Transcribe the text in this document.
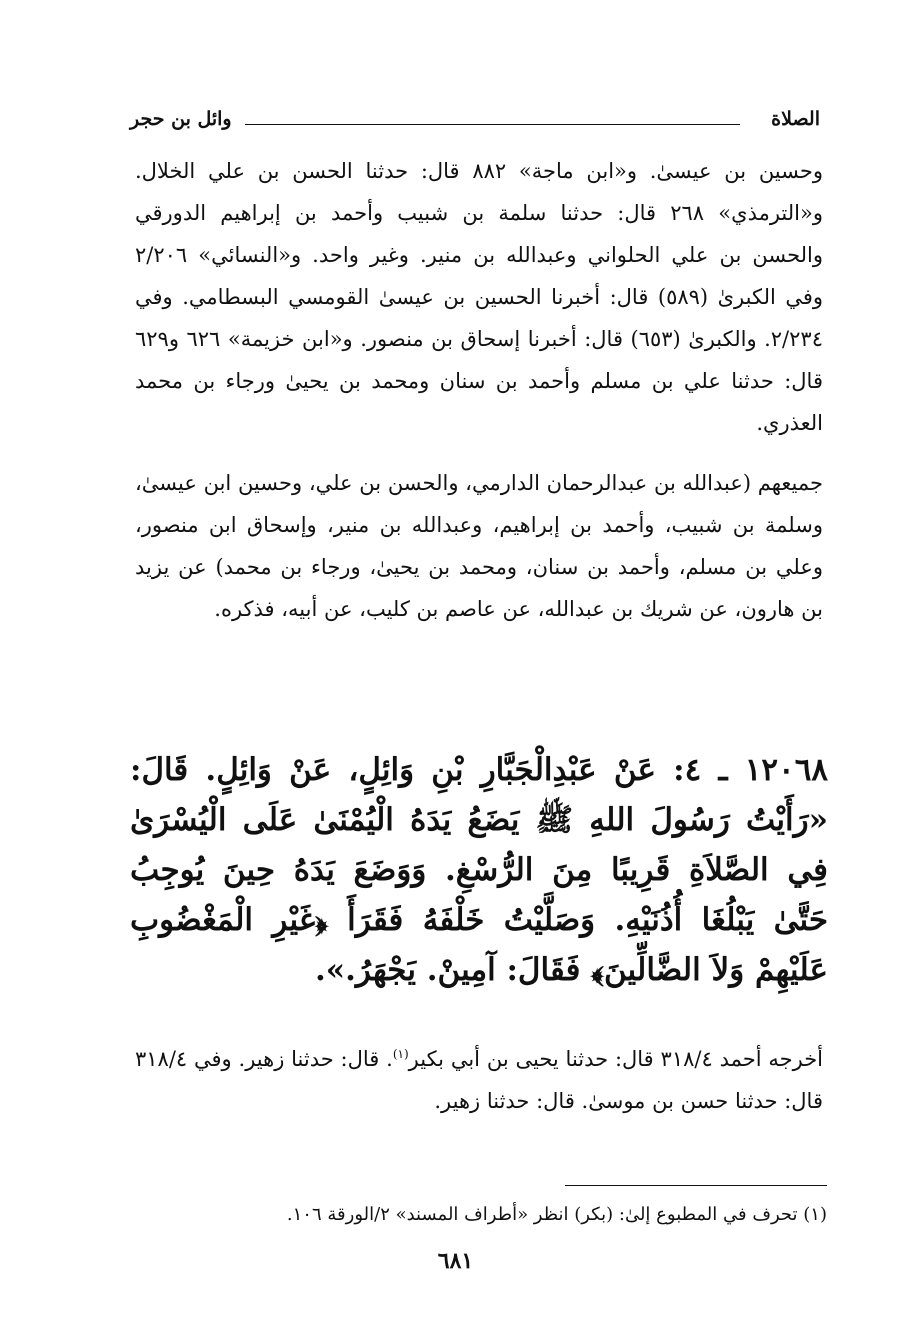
الصلاة
وائل بن حجر
وحسين بن عيسىٰ. و«ابن ماجة» ٨٨٢ قال: حدثنا الحسن بن علي الخلال. و«الترمذي» ٢٦٨ قال: حدثنا سلمة بن شبيب وأحمد بن إبراهيم الدورقي والحسن بن علي الحلواني وعبدالله بن منير. وغير واحد. و«النسائي» ٢/٢٠٦ وفي الكبرىٰ (٥٨٩) قال: أخبرنا الحسين بن عيسىٰ القومسي البسطامي. وفي ٢/٢٣٤. والكبرىٰ (٦٥٣) قال: أخبرنا إسحاق بن منصور. و«ابن خزيمة» ٦٢٦ و٦٢٩ قال: حدثنا علي بن مسلم وأحمد بن سنان ومحمد بن يحيىٰ ورجاء بن محمد العذري.
جميعهم (عبدالله بن عبدالرحمان الدارمي، والحسن بن علي، وحسين ابن عيسىٰ، وسلمة بن شبيب، وأحمد بن إبراهيم، وعبدالله بن منير، وإسحاق ابن منصور، وعلي بن مسلم، وأحمد بن سنان، ومحمد بن يحيىٰ، ورجاء بن محمد) عن يزيد بن هارون، عن شريك بن عبدالله، عن عاصم بن كليب، عن أبيه، فذكره.
١٢٠٦٨ ـ ٤: عَنْ عَبْدِالْجَبَّارِ بْنِ وَائِلٍ، عَنْ وَائِلٍ. قَالَ: «رَأَيْتُ رَسُولَ اللهِ ﷺ يَضَعُ يَدَهُ الْيُمْنَىٰ عَلَى الْيُسْرَىٰ فِي الصَّلاَةِ قَرِيبًا مِنَ الرُّسْغِ. وَوَضَعَ يَدَهُ حِينَ يُوجِبُ حَتَّىٰ يَبْلُغَا أُذُنَيْهِ. وَصَلَّيْتُ خَلْفَهُ فَقَرَأَ ﴿غَيْرِ الْمَغْضُوبِ عَلَيْهِمْ وَلاَ الضَّالِّينَ﴾ فَقَالَ: آمِينْ. يَجْهَرُ.».
أخرجه أحمد ٣١٨/٤ قال: حدثنا يحيى بن أبي بكير$^{(١)}$. قال: حدثنا زهير. وفي ٣١٨/٤ قال: حدثنا حسن بن موسىٰ. قال: حدثنا زهير.
(١) تحرف في المطبوع إلىٰ: (بكر) انظر «أطراف المسند» ٢/الورقة ١٠٦.
٦٨١
